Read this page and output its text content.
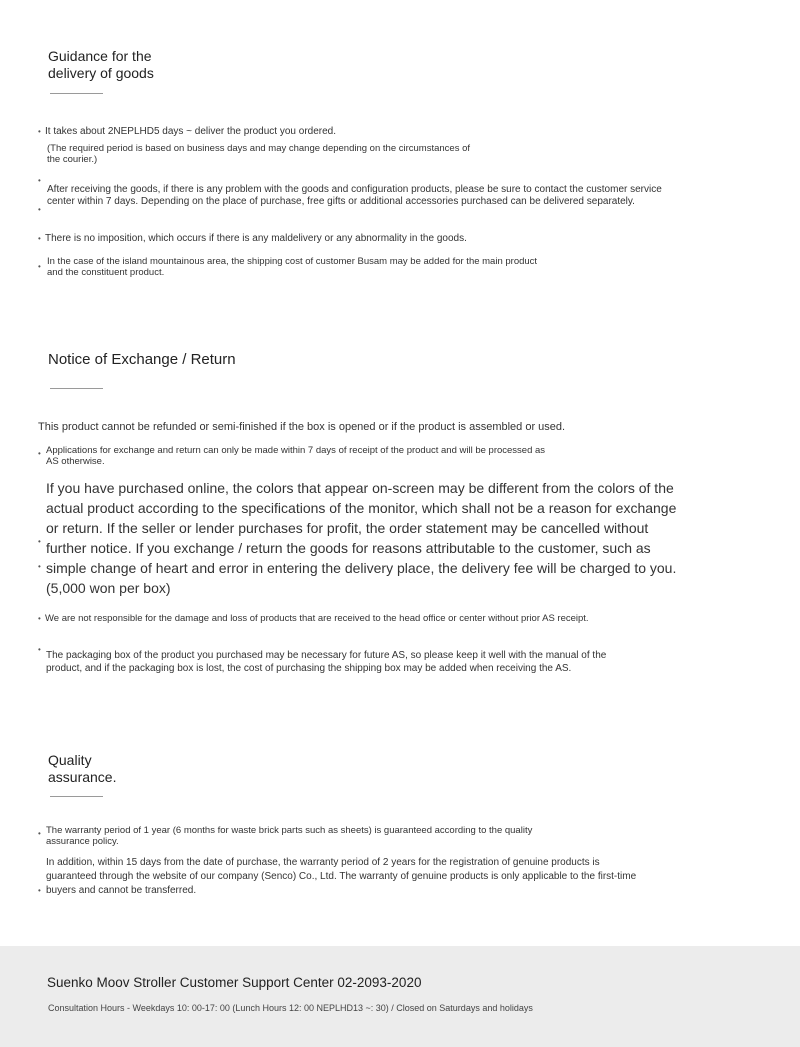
Guidance for the
delivery of goods
• It takes about 2NEPLHD5 days ~ deliver the product you ordered.
(The required period is based on business days and may change depending on the circumstances of
the courier.)
•
After receiving the goods, if there is any problem with the goods and configuration products, please be sure to contact the customer service
center within 7 days. Depending on the place of purchase, free gifts or additional accessories purchased can be delivered separately.
•
• There is no imposition, which occurs if there is any maldelivery or any abnormality in the goods.
• In the case of the island mountainous area, the shipping cost of customer Busam may be added for the main product
and the constituent product.
Notice of Exchange / Return
This product cannot be refunded or semi-finished if the box is opened or if the product is assembled or used.
• Applications for exchange and return can only be made within 7 days of receipt of the product and will be processed as
AS otherwise.
If you have purchased online, the colors that appear on-screen may be different from the colors of the
actual product according to the specifications of the monitor, which shall not be a reason for exchange
or return. If the seller or lender purchases for profit, the order statement may be cancelled without
further notice. If you exchange / return the goods for reasons attributable to the customer, such as
simple change of heart and error in entering the delivery place, the delivery fee will be charged to you.
(5,000 won per box)
•
•
• We are not responsible for the damage and loss of products that are received to the head office or center without prior AS receipt.
•
The packaging box of the product you purchased may be necessary for future AS, so please keep it well with the manual of the
product, and if the packaging box is lost, the cost of purchasing the shipping box may be added when receiving the AS.
Quality
assurance.
• The warranty period of 1 year (6 months for waste brick parts such as sheets) is guaranteed according to the quality
assurance policy.
In addition, within 15 days from the date of purchase, the warranty period of 2 years for the registration of genuine products is
guaranteed through the website of our company (Senco) Co., Ltd. The warranty of genuine products is only applicable to the first-time
• buyers and cannot be transferred.
Suenko Moov Stroller Customer Support Center 02-2093-2020
Consultation Hours - Weekdays 10: 00-17: 00 (Lunch Hours 12: 00 NEPLHD13 ~: 30) / Closed on Saturdays and holidays
